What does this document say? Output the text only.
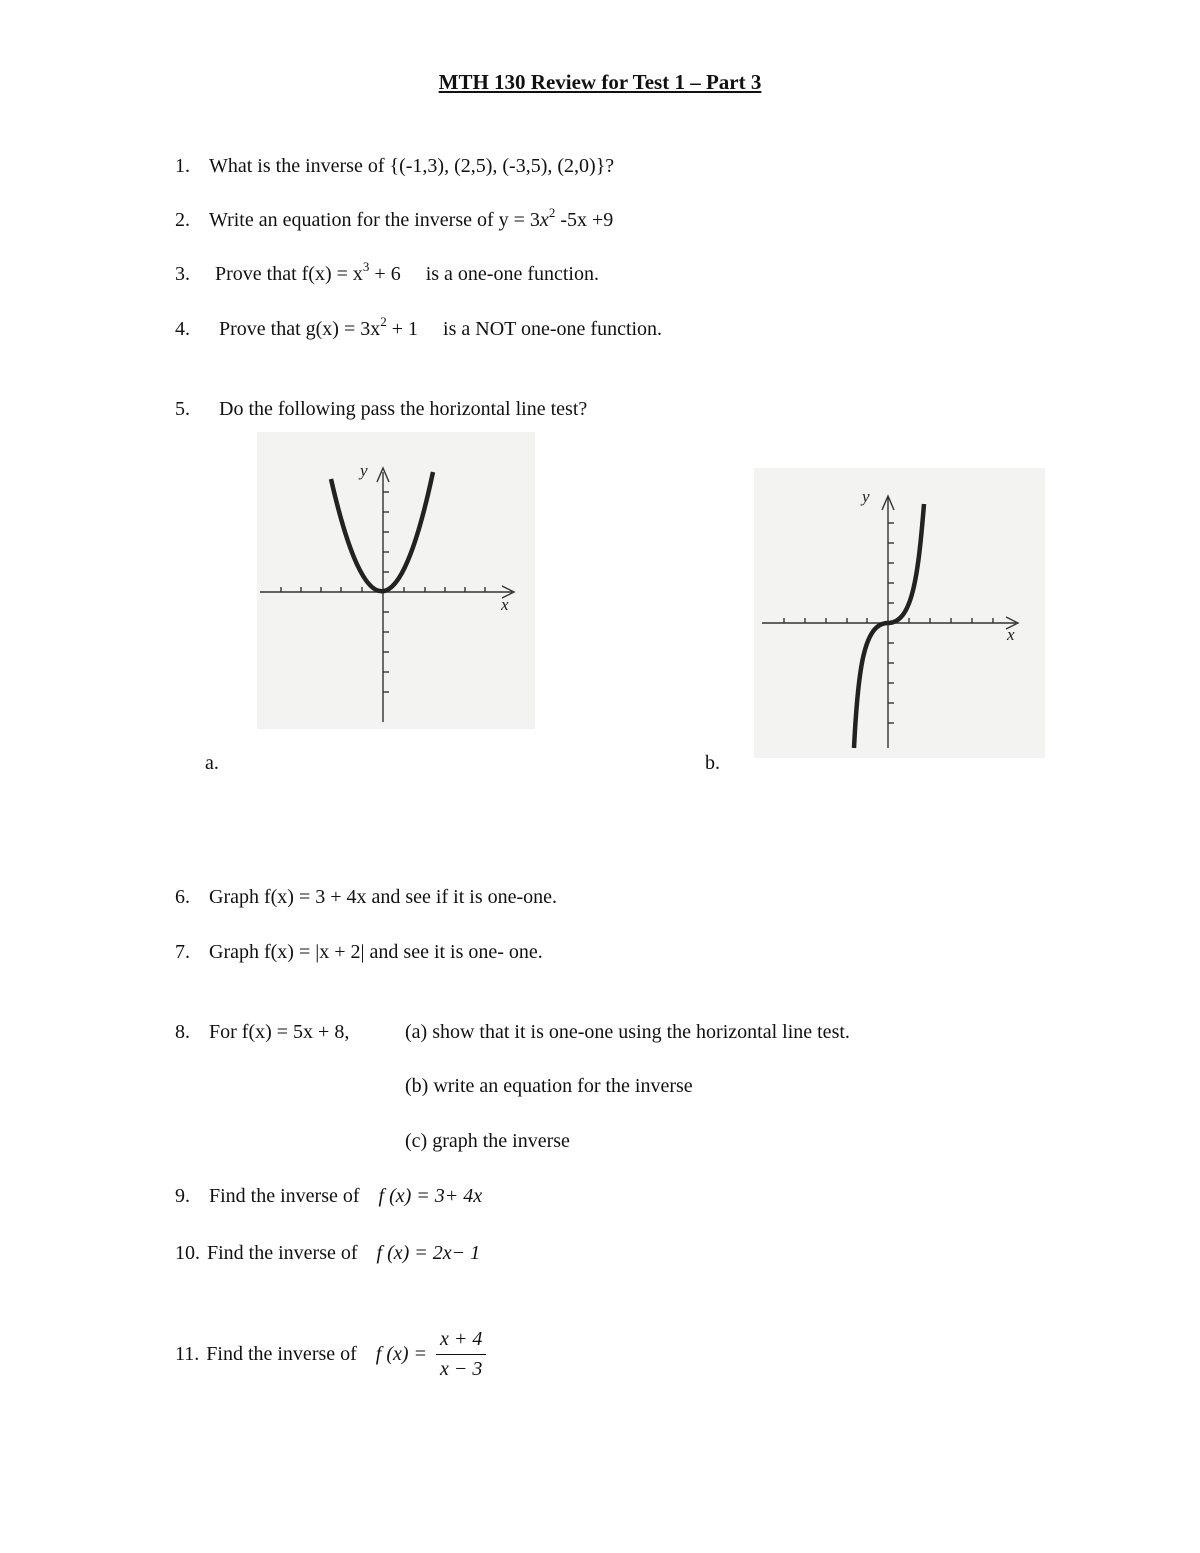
MTH 130 Review for Test 1 – Part 3
1. What is the inverse of {(-1,3), (2,5), (-3,5), (2,0)}?
2. Write an equation for the inverse of $y = 3x^2$ -5x +9
3. Prove that $f(x) = x^3 + 6$     is a one-one function.
4. Prove that $g(x) = 3x^2 + 1$     is a NOT one-one function.
5. Do the following pass the horizontal line test?
y
x
a.
y
x
b.
6. Graph f(x) = 3 + 4x and see if it is one-one.
7. Graph f(x) = |x + 2| and see it is one- one.
8. For f(x) = 5x + 8,	(a) show that it is one-one using the horizontal line test.
(b) write an equation for the inverse
(c) graph the inverse
9. Find the inverse of f (x) = 3+ 4x
10. Find the inverse of f (x) = 2x− 1
11. Find the inverse of f $(x) = \frac{x + 4}{x - 3}$
